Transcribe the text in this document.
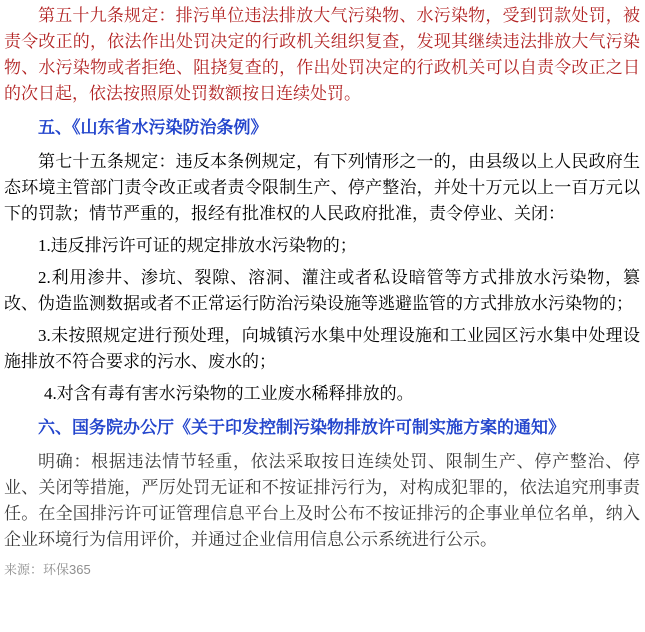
第五十九条规定：排污单位违法排放大气污染物、水污染物，受到罚款处罚，被责令改正的，依法作出处罚决定的行政机关组织复查，发现其继续违法排放大气污染物、水污染物或者拒绝、阻挠复查的，作出处罚决定的行政机关可以自责令改正之日的次日起，依法按照原处罚数额按日连续处罚。

五、《山东省水污染防治条例》

第七十五条规定：违反本条例规定，有下列情形之一的，由县级以上人民政府生态环境主管部门责令改正或者责令限制生产、停产整治，并处十万元以上一百万元以下的罚款；情节严重的，报经有批准权的人民政府批准，责令停业、关闭：

1.违反排污许可证的规定排放水污染物的；

2.利用渗井、渗坑、裂隙、溶洞、灌注或者私设暗管等方式排放水污染物，篡改、伪造监测数据或者不正常运行防治污染设施等逃避监管的方式排放水污染物的；

3.未按照规定进行预处理，向城镇污水集中处理设施和工业园区污水集中处理设施排放不符合要求的污水、废水的；

4.对含有毒有害水污染物的工业废水稀释排放的。

六、国务院办公厅《关于印发控制污染物排放许可制实施方案的通知》

明确：根据违法情节轻重，依法采取按日连续处罚、限制生产、停产整治、停业、关闭等措施，严厉处罚无证和不按证排污行为，对构成犯罪的，依法追究刑事责任。在全国排污许可证管理信息平台上及时公布不按证排污的企事业单位名单，纳入企业环境行为信用评价，并通过企业信用信息公示系统进行公示。

来源：环保365
